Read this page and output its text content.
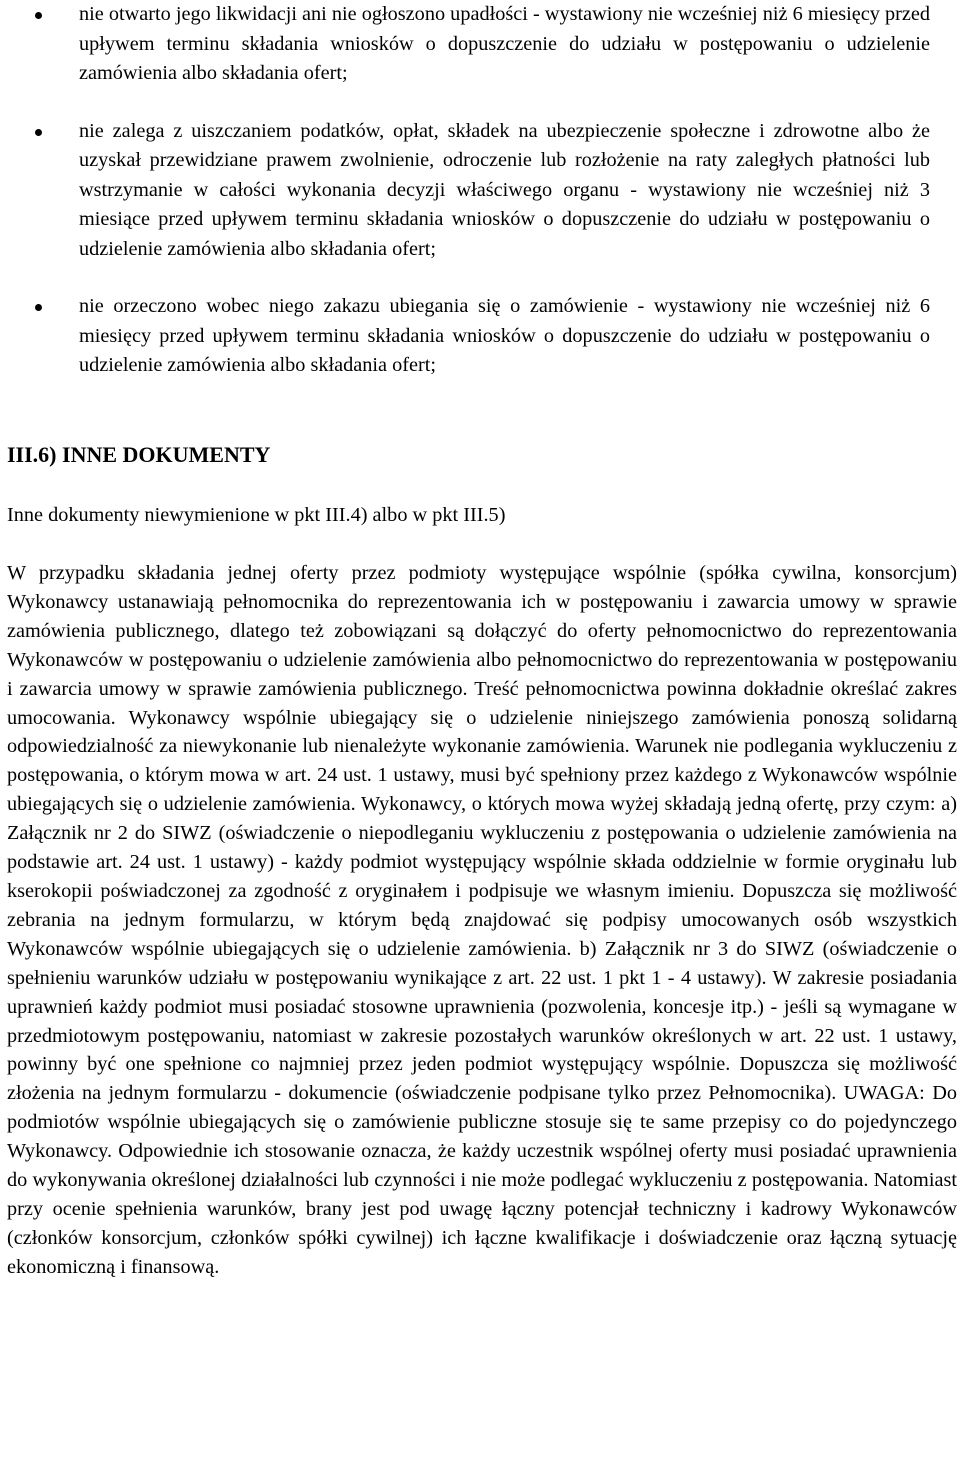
nie otwarto jego likwidacji ani nie ogłoszono upadłości - wystawiony nie wcześniej niż 6 miesięcy przed upływem terminu składania wniosków o dopuszczenie do udziału w postępowaniu o udzielenie zamówienia albo składania ofert;
nie zalega z uiszczaniem podatków, opłat, składek na ubezpieczenie społeczne i zdrowotne albo że uzyskał przewidziane prawem zwolnienie, odroczenie lub rozłożenie na raty zaległych płatności lub wstrzymanie w całości wykonania decyzji właściwego organu - wystawiony nie wcześniej niż 3 miesiące przed upływem terminu składania wniosków o dopuszczenie do udziału w postępowaniu o udzielenie zamówienia albo składania ofert;
nie orzeczono wobec niego zakazu ubiegania się o zamówienie - wystawiony nie wcześniej niż 6 miesięcy przed upływem terminu składania wniosków o dopuszczenie do udziału w postępowaniu o udzielenie zamówienia albo składania ofert;
III.6) INNE DOKUMENTY

Inne dokumenty niewymienione w pkt III.4) albo w pkt III.5)

W przypadku składania jednej oferty przez podmioty występujące wspólnie (spółka cywilna, konsorcjum) Wykonawcy ustanawiają pełnomocnika do reprezentowania ich w postępowaniu i zawarcia umowy w sprawie zamówienia publicznego, dlatego też zobowiązani są dołączyć do oferty pełnomocnictwo do reprezentowania Wykonawców w postępowaniu o udzielenie zamówienia albo pełnomocnictwo do reprezentowania w postępowaniu i zawarcia umowy w sprawie zamówienia publicznego. Treść pełnomocnictwa powinna dokładnie określać zakres umocowania. Wykonawcy wspólnie ubiegający się o udzielenie niniejszego zamówienia ponoszą solidarną odpowiedzialność za niewykonanie lub nienależyte wykonanie zamówienia. Warunek nie podlegania wykluczeniu z postępowania, o którym mowa w art. 24 ust. 1 ustawy, musi być spełniony przez każdego z Wykonawców wspólnie ubiegających się o udzielenie zamówienia. Wykonawcy, o których mowa wyżej składają jedną ofertę, przy czym: a) Załącznik nr 2 do SIWZ (oświadczenie o niepodleganiu wykluczeniu z postępowania o udzielenie zamówienia na podstawie art. 24 ust. 1 ustawy) - każdy podmiot występujący wspólnie składa oddzielnie w formie oryginału lub kserokopii poświadczonej za zgodność z oryginałem i podpisuje we własnym imieniu. Dopuszcza się możliwość zebrania na jednym formularzu, w którym będą znajdować się podpisy umocowanych osób wszystkich Wykonawców wspólnie ubiegających się o udzielenie zamówienia. b) Załącznik nr 3 do SIWZ (oświadczenie o spełnieniu warunków udziału w postępowaniu wynikające z art. 22 ust. 1 pkt 1 - 4 ustawy). W zakresie posiadania uprawnień każdy podmiot musi posiadać stosowne uprawnienia (pozwolenia, koncesje itp.) - jeśli są wymagane w przedmiotowym postępowaniu, natomiast w zakresie pozostałych warunków określonych w art. 22 ust. 1 ustawy, powinny być one spełnione co najmniej przez jeden podmiot występujący wspólnie. Dopuszcza się możliwość złożenia na jednym formularzu - dokumencie (oświadczenie podpisane tylko przez Pełnomocnika). UWAGA: Do podmiotów wspólnie ubiegających się o zamówienie publiczne stosuje się te same przepisy co do pojedynczego Wykonawcy. Odpowiednie ich stosowanie oznacza, że każdy uczestnik wspólnej oferty musi posiadać uprawnienia do wykonywania określonej działalności lub czynności i nie może podlegać wykluczeniu z postępowania. Natomiast przy ocenie spełnienia warunków, brany jest pod uwagę łączny potencjał techniczny i kadrowy Wykonawców (członków konsorcjum, członków spółki cywilnej) ich łączne kwalifikacje i doświadczenie oraz łączną sytuację ekonomiczną i finansową.
